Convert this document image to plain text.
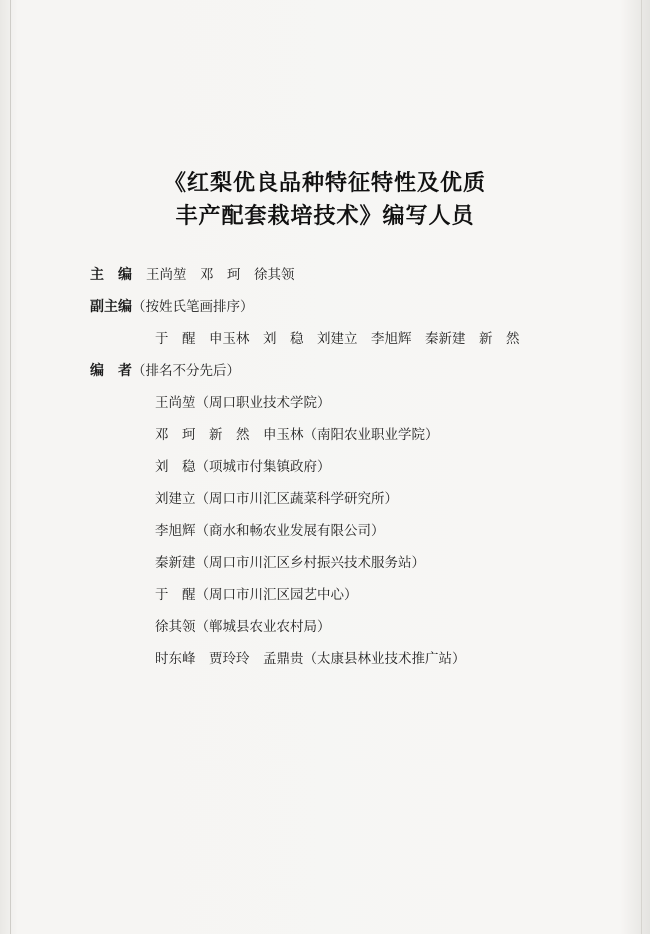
《红梨优良品种特征特性及优质
丰产配套栽培技术》编写人员
主　编 王尚堃　邓　珂　徐其领
副主编（按姓氏笔画排序）
于　醒　申玉林　刘　稳　刘建立　李旭辉　秦新建　新　然
编　者（排名不分先后）
王尚堃（周口职业技术学院）
邓　珂　新　然　申玉林（南阳农业职业学院）
刘　稳（项城市付集镇政府）
刘建立（周口市川汇区蔬菜科学研究所）
李旭辉（商水和畅农业发展有限公司）
秦新建（周口市川汇区乡村振兴技术服务站）
于　醒（周口市川汇区园艺中心）
徐其领（郸城县农业农村局）
时东峰　贾玲玲　孟鼎贵（太康县林业技术推广站）
